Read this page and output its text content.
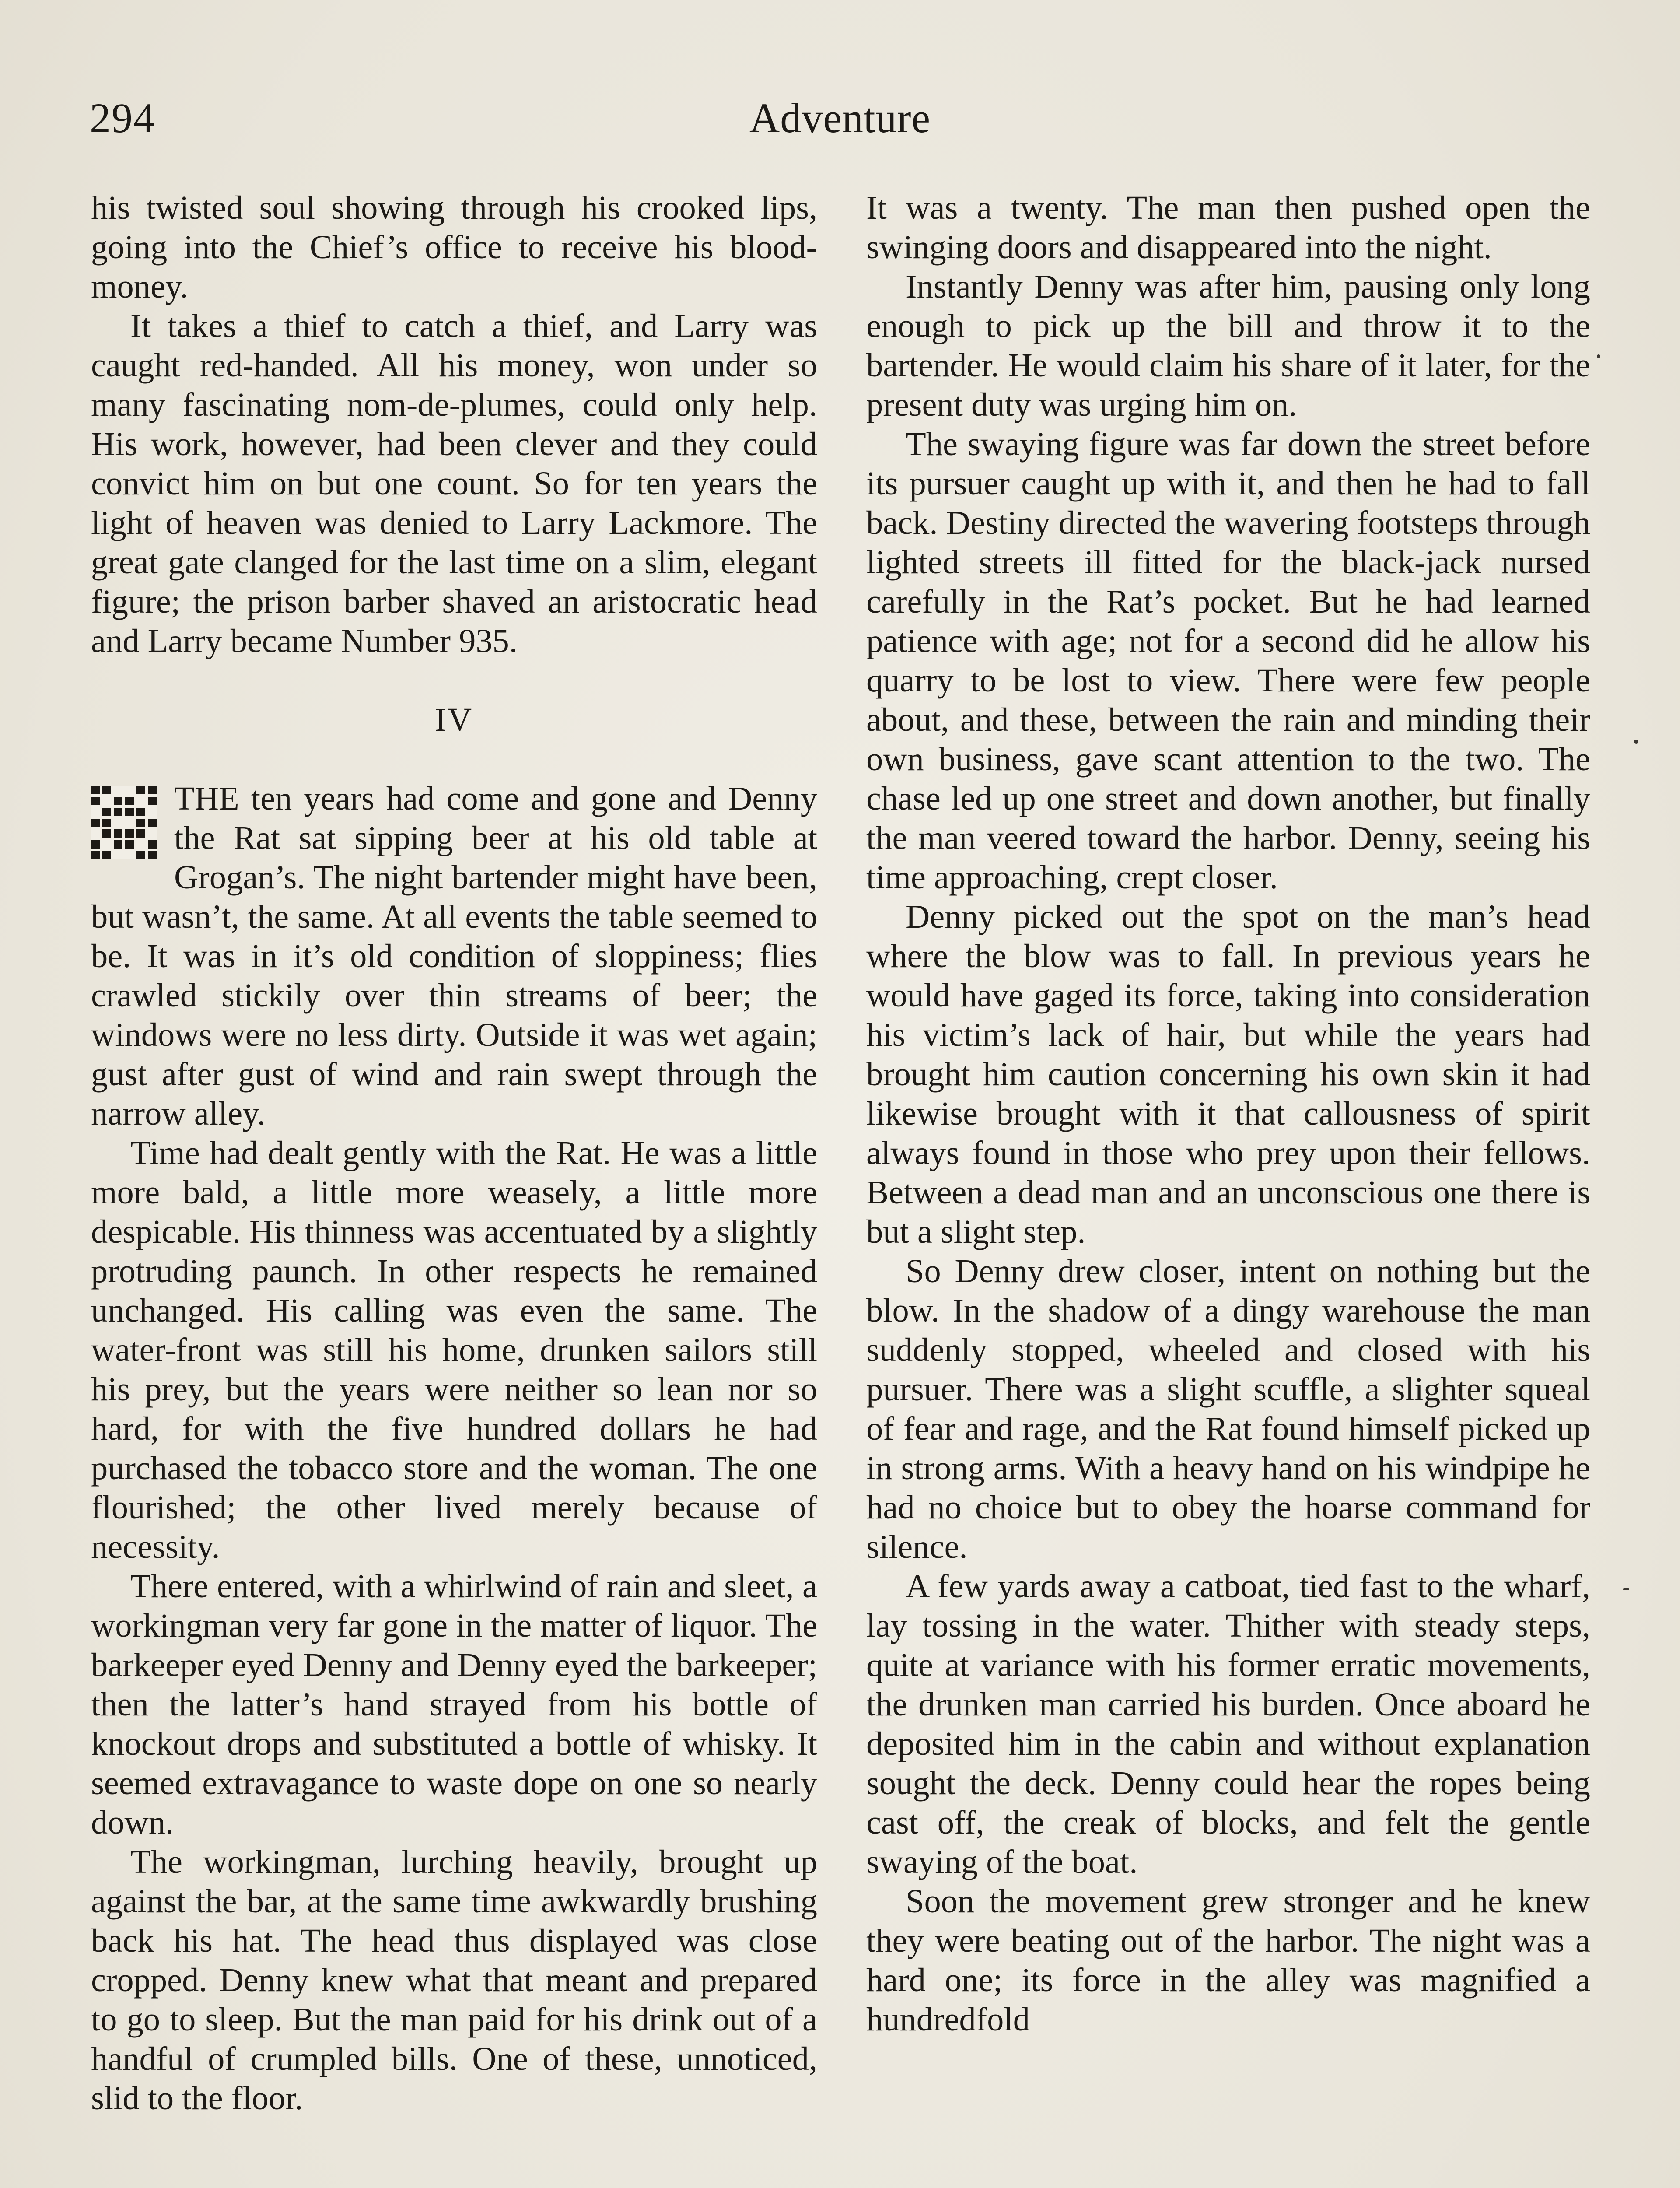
294	Adventure

his twisted soul showing through his crooked lips, going into the Chief’s office to receive his blood-money.

It takes a thief to catch a thief, and Larry was caught red-handed. All his money, won under so many fascinating nom-de-plumes, could only help. His work, however, had been clever and they could convict him on but one count. So for ten years the light of heaven was denied to Larry Lackmore. The great gate clanged for the last time on a slim, elegant figure; the prison barber shaved an aristocratic head and Larry became Number 935.

IV

THE ten years had come and gone and Denny the Rat sat sipping beer at his old table at Grogan’s. The night bartender might have been, but wasn’t, the same. At all events the table seemed to be. It was in it’s old condition of sloppiness; flies crawled stickily over thin streams of beer; the windows were no less dirty. Outside it was wet again; gust after gust of wind and rain swept through the narrow alley.

Time had dealt gently with the Rat. He was a little more bald, a little more weasely, a little more despicable. His thinness was accentuated by a slightly protruding paunch. In other respects he remained unchanged. His calling was even the same. The water-front was still his home, drunken sailors still his prey, but the years were neither so lean nor so hard, for with the five hundred dollars he had purchased the tobacco store and the woman. The one flourished; the other lived merely because of necessity.

There entered, with a whirlwind of rain and sleet, a workingman very far gone in the matter of liquor. The barkeeper eyed Denny and Denny eyed the barkeeper; then the latter’s hand strayed from his bottle of knockout drops and substituted a bottle of whisky. It seemed extravagance to waste dope on one so nearly down.

The workingman, lurching heavily, brought up against the bar, at the same time awkwardly brushing back his hat. The head thus displayed was close cropped. Denny knew what that meant and prepared to go to sleep. But the man paid for his drink out of a handful of crumpled bills. One of these, unnoticed, slid to the floor.

It was a twenty. The man then pushed open the swinging doors and disappeared into the night.

Instantly Denny was after him, pausing only long enough to pick up the bill and throw it to the bartender. He would claim his share of it later, for the present duty was urging him on.

The swaying figure was far down the street before its pursuer caught up with it, and then he had to fall back. Destiny directed the wavering footsteps through lighted streets ill fitted for the black-jack nursed carefully in the Rat’s pocket. But he had learned patience with age; not for a second did he allow his quarry to be lost to view. There were few people about, and these, between the rain and minding their own business, gave scant attention to the two. The chase led up one street and down another, but finally the man veered toward the harbor. Denny, seeing his time approaching, crept closer.

Denny picked out the spot on the man’s head where the blow was to fall. In previous years he would have gaged its force, taking into consideration his victim’s lack of hair, but while the years had brought him caution concerning his own skin it had likewise brought with it that callousness of spirit always found in those who prey upon their fellows. Between a dead man and an unconscious one there is but a slight step.

So Denny drew closer, intent on nothing but the blow. In the shadow of a dingy warehouse the man suddenly stopped, wheeled and closed with his pursuer. There was a slight scuffle, a slighter squeal of fear and rage, and the Rat found himself picked up in strong arms. With a heavy hand on his windpipe he had no choice but to obey the hoarse command for silence.

A few yards away a catboat, tied fast to the wharf, lay tossing in the water. Thither with steady steps, quite at variance with his former erratic movements, the drunken man carried his burden. Once aboard he deposited him in the cabin and without explanation sought the deck. Denny could hear the ropes being cast off, the creak of blocks, and felt the gentle swaying of the boat.

Soon the movement grew stronger and he knew they were beating out of the harbor. The night was a hard one; its force in the alley was magnified a hundredfold
